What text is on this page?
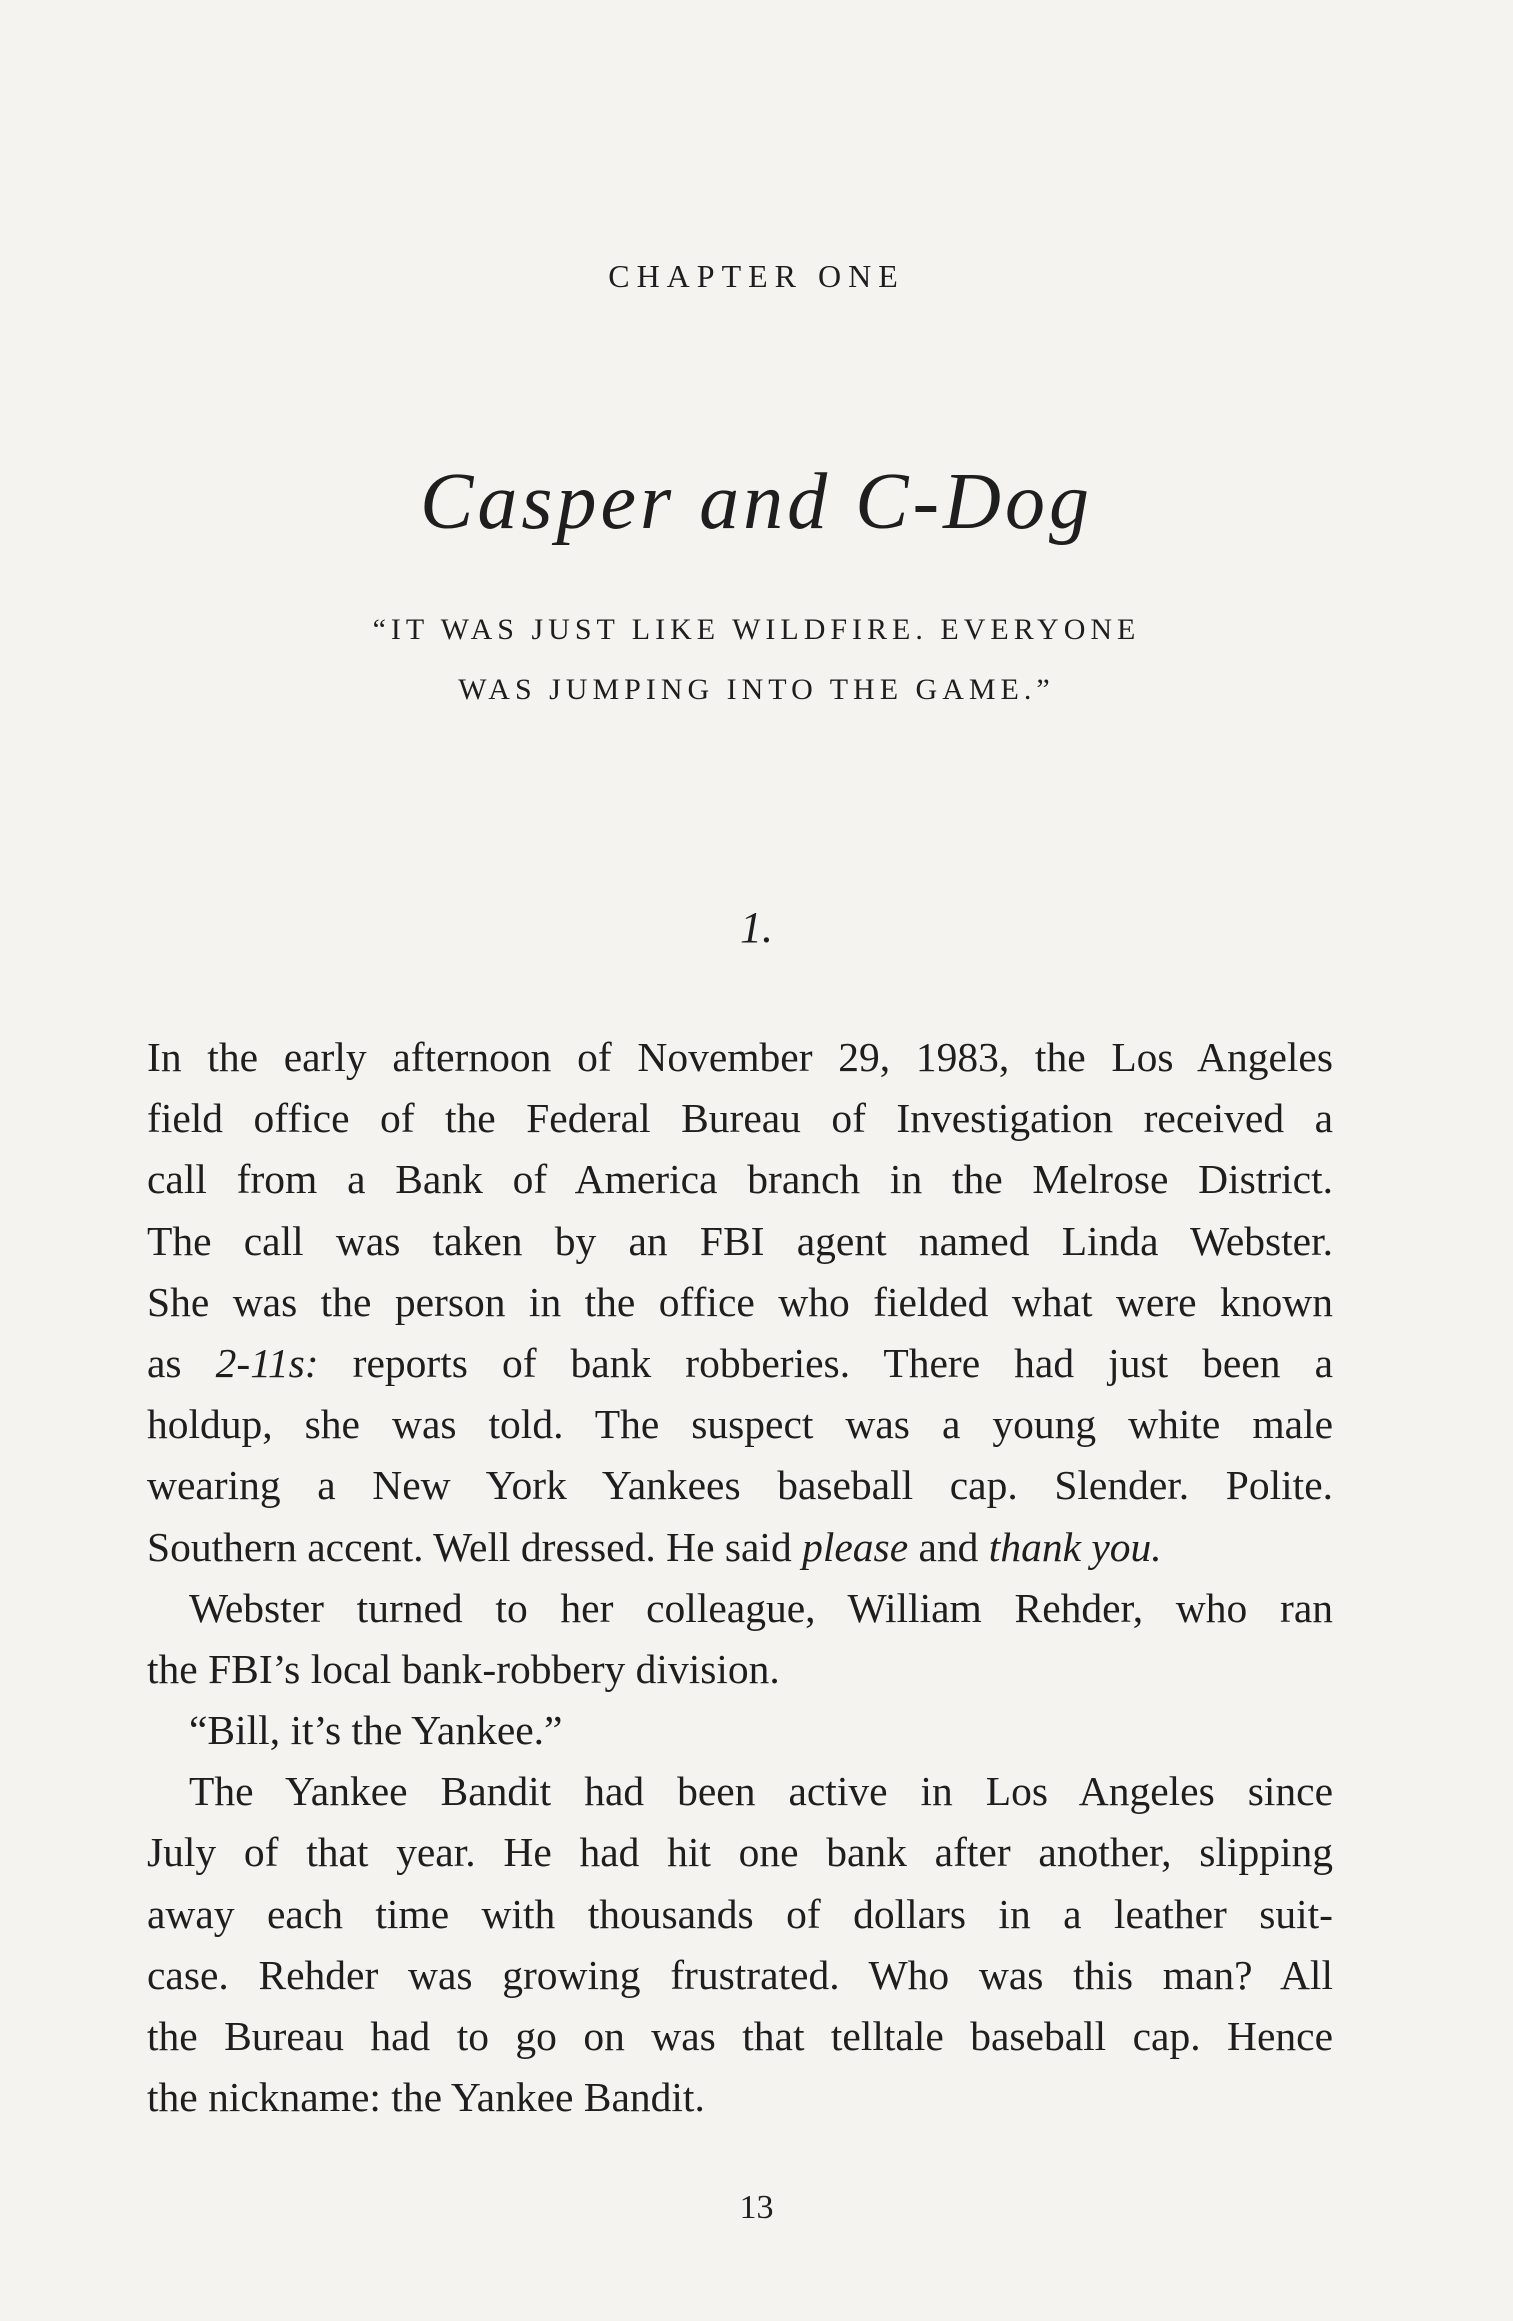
CHAPTER ONE
Casper and C-Dog
“IT WAS JUST LIKE WILDFIRE. EVERYONE
WAS JUMPING INTO THE GAME.”
1.
In the early afternoon of November 29, 1983, the Los Angeles
field office of the Federal Bureau of Investigation received a
call from a Bank of America branch in the Melrose District.
The call was taken by an FBI agent named Linda Webster.
She was the person in the office who fielded what were known
as 2-11s: reports of bank robberies. There had just been a
holdup, she was told. The suspect was a young white male
wearing a New York Yankees baseball cap. Slender. Polite.
Southern accent. Well dressed. He said please and thank you.
Webster turned to her colleague, William Rehder, who ran
the FBI’s local bank-robbery division.
“Bill, it’s the Yankee.”
The Yankee Bandit had been active in Los Angeles since
July of that year. He had hit one bank after another, slipping
away each time with thousands of dollars in a leather suit-
case. Rehder was growing frustrated. Who was this man? All
the Bureau had to go on was that telltale baseball cap. Hence
the nickname: the Yankee Bandit.
13
